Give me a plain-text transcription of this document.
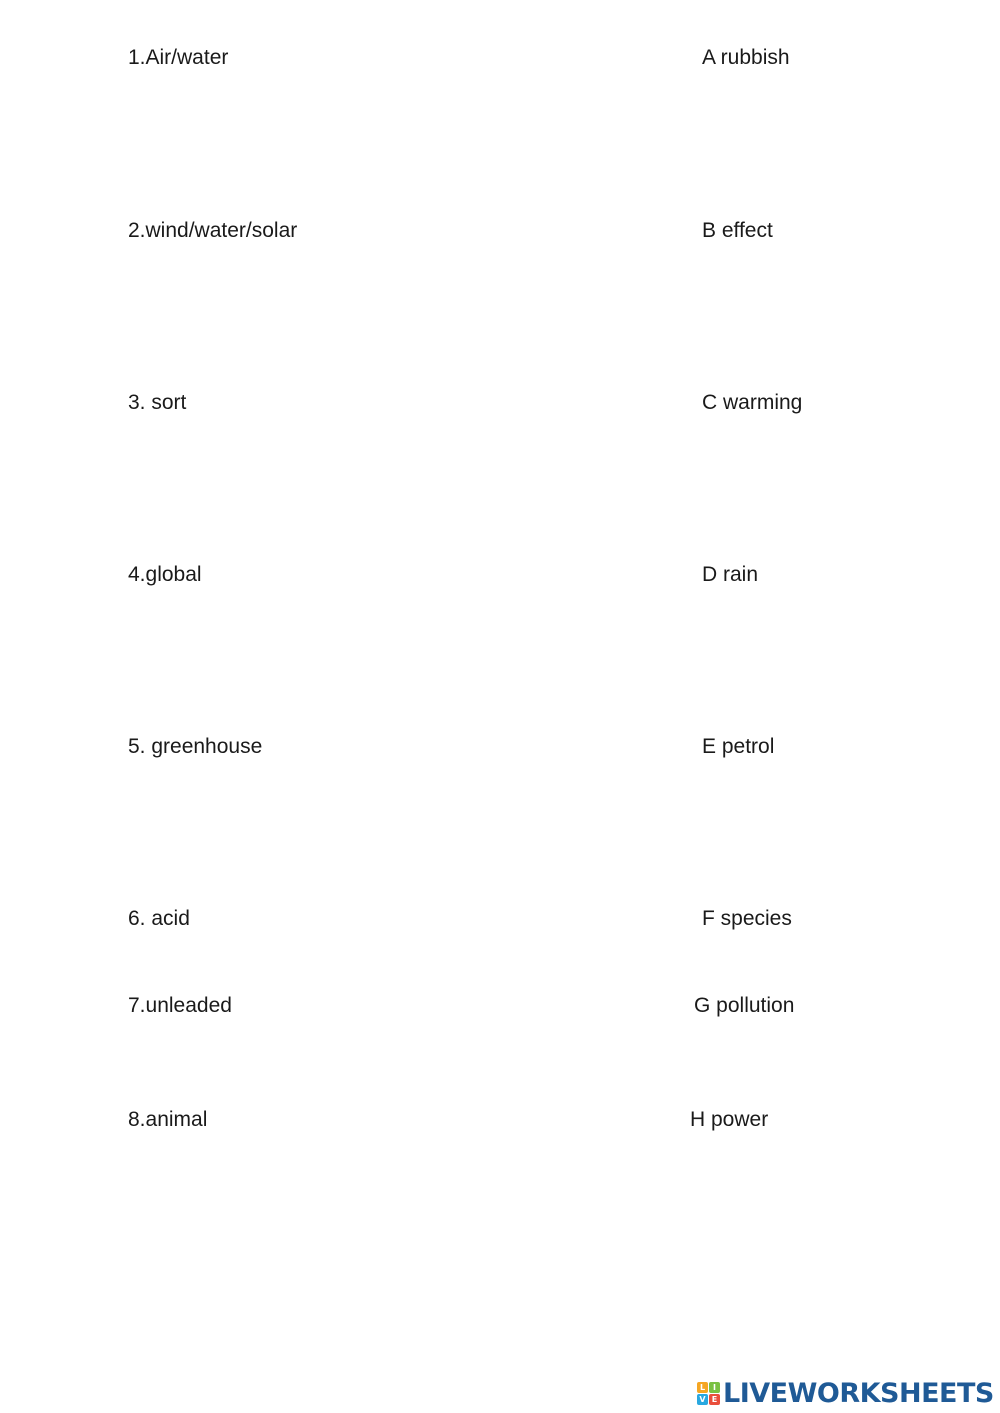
1.Air/water
2.wind/water/solar
3. sort
4.global
5. greenhouse
6. acid
7.unleaded
8.animal
A rubbish
B effect
C warming
D rain
E petrol
F species
G pollution
H power
L I
V E LIVEWORKSHEETS
